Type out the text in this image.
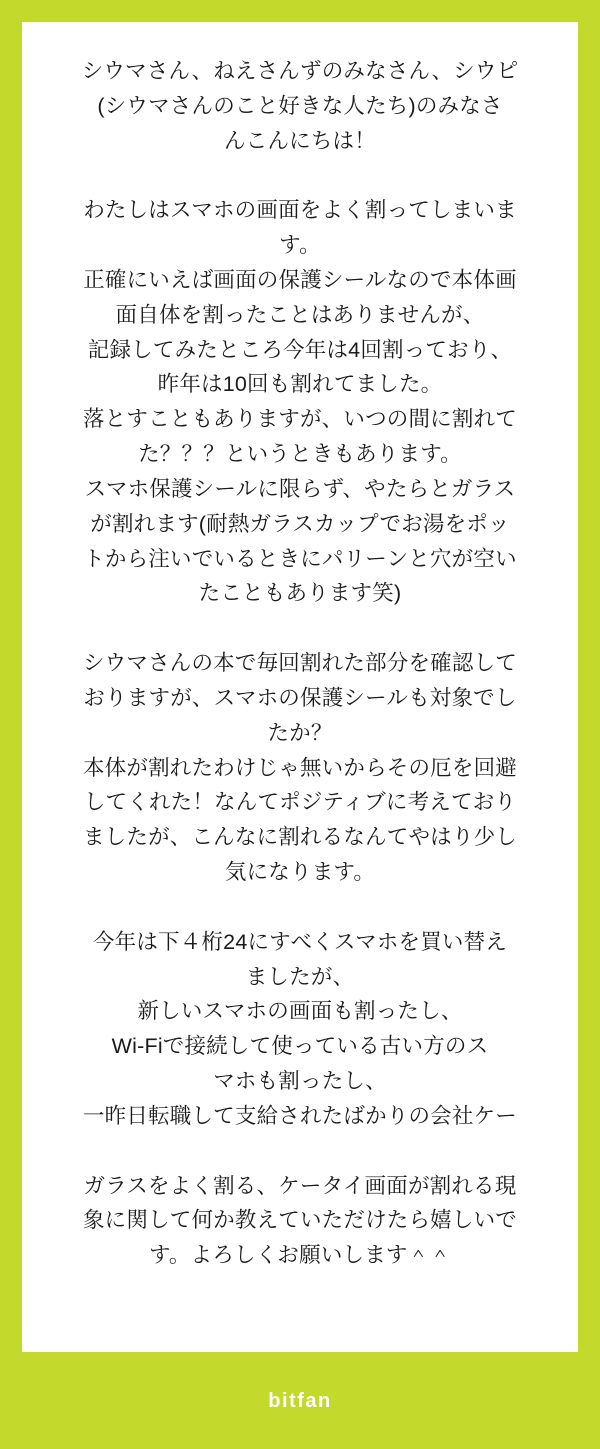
シウマさん、ねえさんずのみなさん、シウピ
(シウマさんのこと好きな人たち)のみなさ
んこんにちは！
わたしはスマホの画面をよく割ってしまいま
す。
正確にいえば画面の保護シールなので本体画
面自体を割ったことはありませんが、
記録してみたところ今年は4回割っており、
昨年は10回も割れてました。
落とすこともありますが、いつの間に割れて
た？？？というときもあります。
スマホ保護シールに限らず、やたらとガラス
が割れます(耐熱ガラスカップでお湯をポッ
トから注いでいるときにパリーンと穴が空い
たこともあります笑)
シウマさんの本で毎回割れた部分を確認して
おりますが、スマホの保護シールも対象でし
たか？
本体が割れたわけじゃ無いからその厄を回避
してくれた！なんてポジティブに考えており
ましたが、こんなに割れるなんてやはり少し
気になります。
今年は下４桁24にすべくスマホを買い替え
ましたが、
新しいスマホの画面も割ったし、
Wi-Fiで接続して使っている古い方のス
マホも割ったし、
一昨日転職して支給されたばかりの会社ケー
ガラスをよく割る、ケータイ画面が割れる現
象に関して何か教えていただけたら嬉しいで
す。よろしくお願いします＾＾
bitfan
